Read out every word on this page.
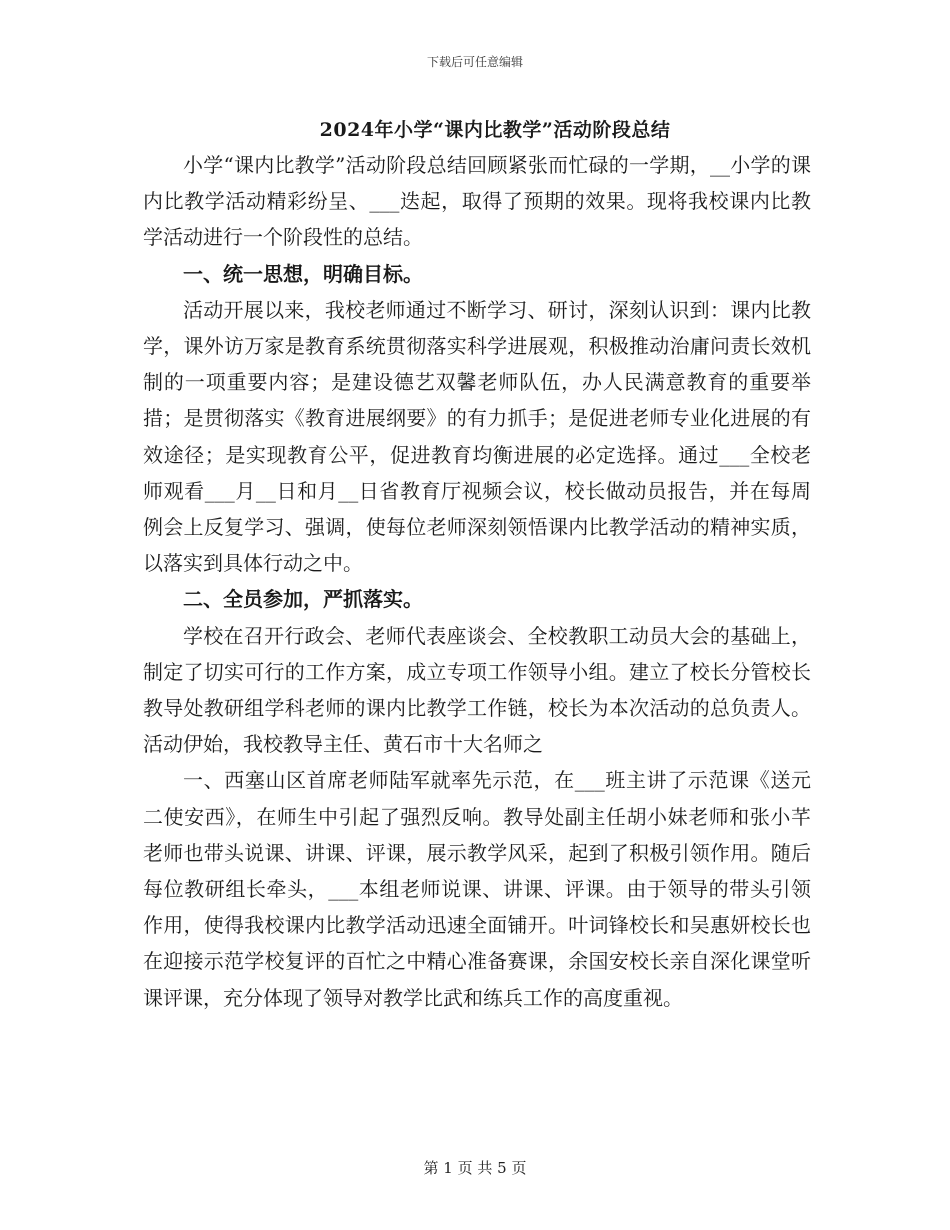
下载后可任意编辑
2024年小学“课内比教学”活动阶段总结

小学“课内比教学”活动阶段总结回顾紧张而忙碌的一学期，__小学的课内比教学活动精彩纷呈、___迭起，取得了预期的效果。现将我校课内比教学活动进行一个阶段性的总结。

一、统一思想，明确目标。

活动开展以来，我校老师通过不断学习、研讨，深刻认识到：课内比教学，课外访万家是教育系统贯彻落实科学进展观，积极推动治庸问责长效机制的一项重要内容；是建设德艺双馨老师队伍，办人民满意教育的重要举措；是贯彻落实《教育进展纲要》的有力抓手；是促进老师专业化进展的有效途径；是实现教育公平，促进教育均衡进展的必定选择。通过___全校老师观看___月__日和月__日省教育厅视频会议，校长做动员报告，并在每周例会上反复学习、强调，使每位老师深刻领悟课内比教学活动的精神实质，以落实到具体行动之中。

二、全员参加，严抓落实。

学校在召开行政会、老师代表座谈会、全校教职工动员大会的基础上，制定了切实可行的工作方案，成立专项工作领导小组。建立了校长分管校长教导处教研组学科老师的课内比教学工作链，校长为本次活动的总负责人。活动伊始，我校教导主任、黄石市十大名师之

一、西塞山区首席老师陆军就率先示范，在___班主讲了示范课《送元二使安西》，在师生中引起了强烈反响。教导处副主任胡小妹老师和张小芊老师也带头说课、讲课、评课，展示教学风采，起到了积极引领作用。随后每位教研组长牵头，___本组老师说课、讲课、评课。由于领导的带头引领作用，使得我校课内比教学活动迅速全面铺开。叶词锋校长和吴惠妍校长也在迎接示范学校复评的百忙之中精心准备赛课，余国安校长亲自深化课堂听课评课，充分体现了领导对教学比武和练兵工作的高度重视。

第 1 页 共 5 页
